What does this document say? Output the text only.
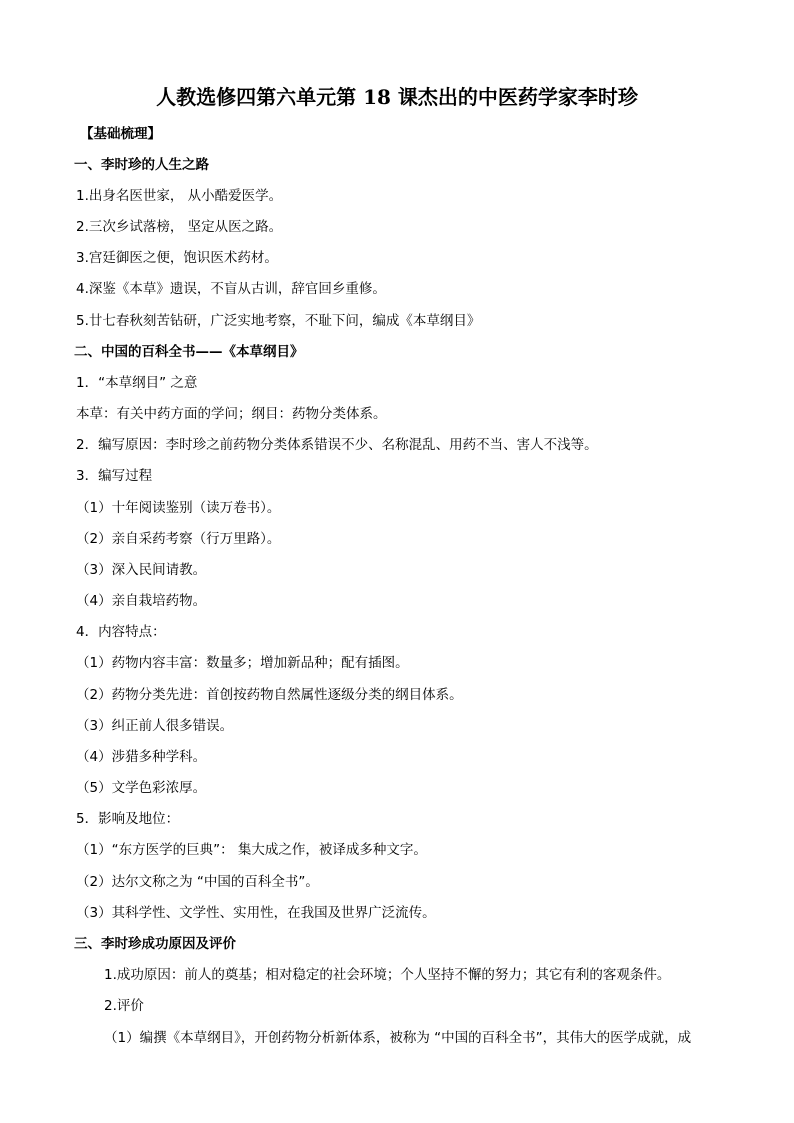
人教选修四第六单元第 18 课杰出的中医药学家李时珍
【基础梳理】
一、李时珍的人生之路
1.出身名医世家， 从小酷爱医学。
2.三次乡试落榜， 坚定从医之路。
3.宫廷御医之便，饱识医术药材。
4.深鉴《本草》遗误，不盲从古训，辞官回乡重修。
5.廿七春秋刻苦钻研，广泛实地考察，不耻下问，编成《本草纲目》
二、中国的百科全书——《本草纲目》
1．“本草纲目” 之意
本草：有关中药方面的学问；纲目：药物分类体系。
2．编写原因：李时珍之前药物分类体系错误不少、名称混乱、用药不当、害人不浅等。
3．编写过程
（1）十年阅读鉴别（读万卷书）。
（2）亲自采药考察（行万里路）。
（3）深入民间请教。
（4）亲自栽培药物。
4．内容特点：
（1）药物内容丰富：数量多；增加新品种；配有插图。
（2）药物分类先进：首创按药物自然属性逐级分类的纲目体系。
（3）纠正前人很多错误。
（4）涉猎多种学科。
（5）文学色彩浓厚。
5．影响及地位：
（1）“东方医学的巨典”： 集大成之作，被译成多种文字。
（2）达尔文称之为 “中国的百科全书”。
（3）其科学性、文学性、实用性，在我国及世界广泛流传。
三、李时珍成功原因及评价
1.成功原因：前人的奠基；相对稳定的社会环境；个人坚持不懈的努力；其它有利的客观条件。
2.评价
（1）编撰《本草纲目》，开创药物分析新体系，被称为 “中国的百科全书”，其伟大的医学成就，成
